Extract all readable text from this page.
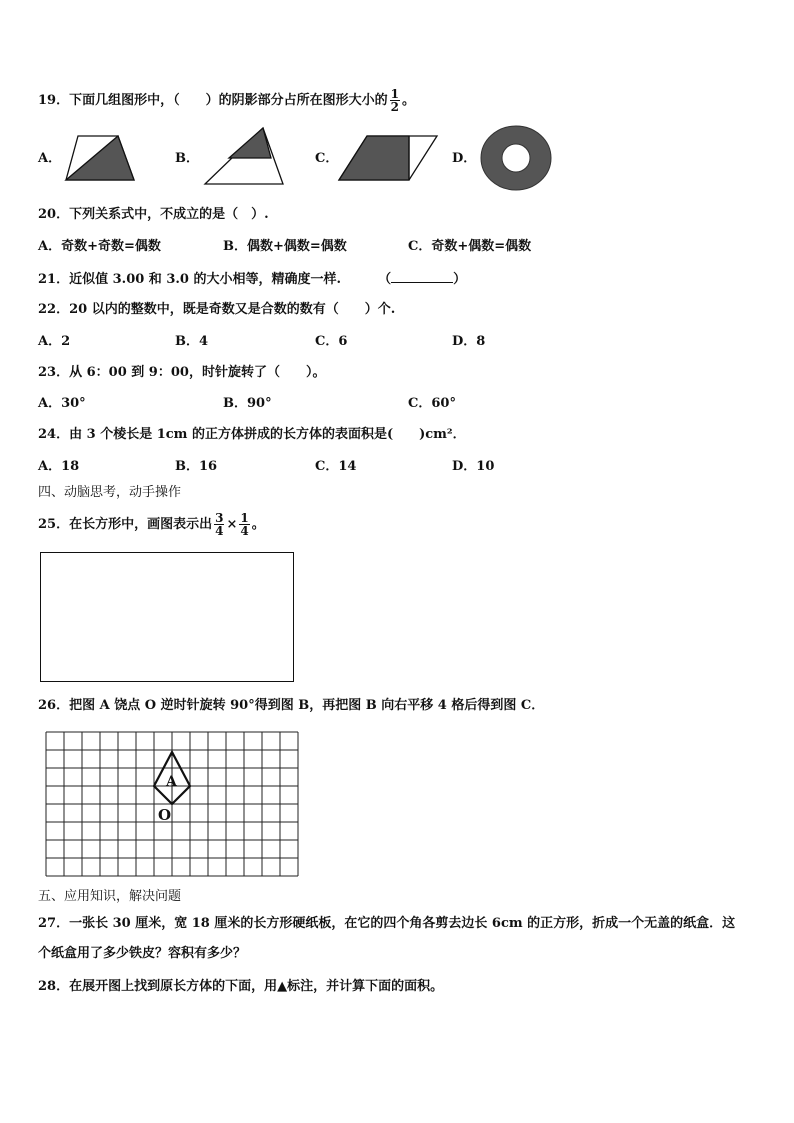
19．下面几组图形中，（　　）的阴影部分占所在图形大小的 $\frac{1}{2}$ 。
A．	B．	C．	D．
20．下列关系式中，不成立的是（　）.
A．奇数+奇数=偶数	B．偶数+偶数=偶数	C．奇数+偶数=偶数
21．近似值 3.00 和 3.0 的大小相等，精确度一样.	（	）
22．20 以内的整数中，既是奇数又是合数的数有（　　）个.
A．2	B．4	C．6	D．8
23．从 6：00 到 9：00，时针旋转了（　　）。
A．30°	B．90°	C．60°
24．由 3 个棱长是 1cm 的正方体拼成的长方体的表面积是(　　)cm²．
A．18	B．16	C．14	D．10
四、动脑思考，动手操作
25．在长方形中，画图表示出 $\frac{3}{4} \times \frac{1}{4}$ 。
26．把图 A 饶点 O 逆时针旋转 90°得到图 B，再把图 B 向右平移 4 格后得到图 C．
A
O
五、应用知识，解决问题
27．一张长 30 厘米，宽 18 厘米的长方形硬纸板，在它的四个角各剪去边长 6cm 的正方形，折成一个无盖的纸盒．这
个纸盒用了多少铁皮？容积有多少？
28．在展开图上找到原长方体的下面，用▲标注，并计算下面的面积。
